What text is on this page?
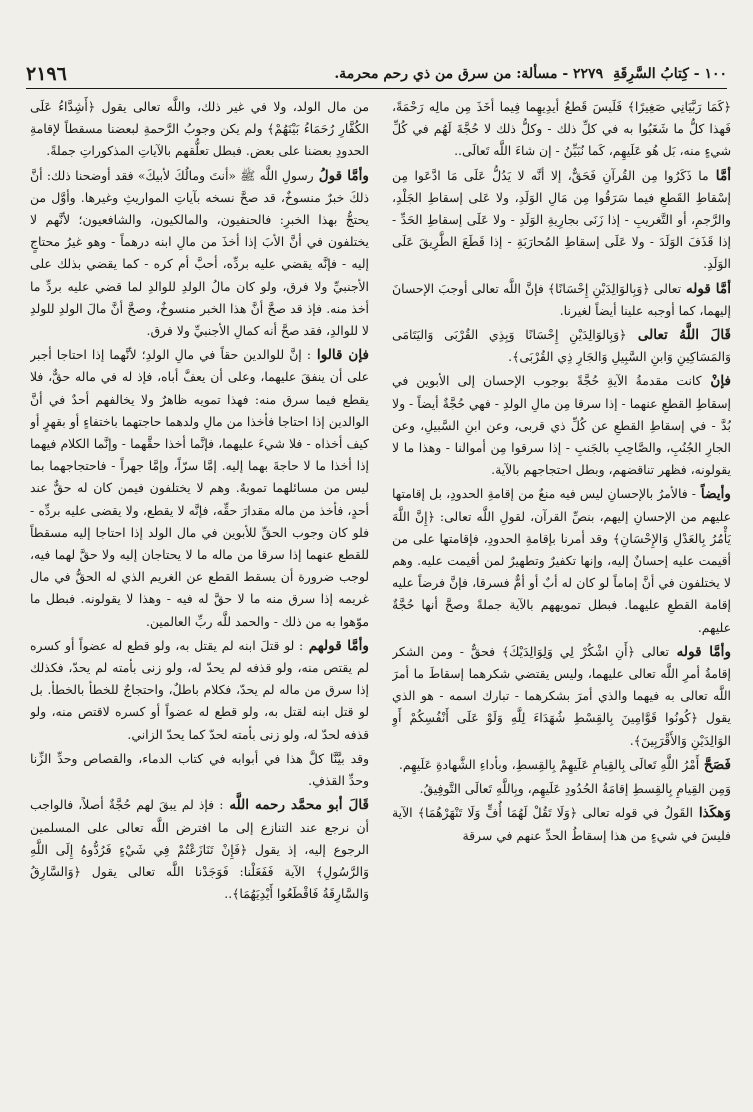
١٠٠ - كِتابُ السَّرِقَةِ
٢٢٧٩ - مسألة: من سرق من ذي رحم محرمة.
٢١٩٦

﴿كَمَا رَبَّيَانِي صَغِيرًا﴾ فَلَيسَ قَطعُ أيدِيهِما فِيما أخَذَ مِن مالِه رَحْمَةً، فَهذا كلُّ ما شَغَبُوا به في كلِّ ذلك - وكلُّ ذلك لا حُجَّةَ لَهُم في كُلِّ شيءٍ منه، بَل هُو عَلَيهِم، كَما نُبَيِّنُ - إن شاءَ اللَّه تَعالَى..

أمَّا ما ذَكَرُوا مِن القُرآنِ فَحَقٌّ، إلا أنَّه لا يَدُلُّ عَلَى مَا ادَّعَوا مِن إسْقاطِ القَطعِ فيما سَرَقُوا مِن مَالِ الوَلَدِ، ولا عَلى إسقاطِ الجَلْدِ، والرَّجمِ، أو التَّغريبِ - إذا زَنَى بجارِيةِ الوَلَدِ - ولا عَلَى إسقاطِ الحَدِّ - إذا قَذَفَ الوَلَدَ - ولا عَلَى إسقاطِ المُحارَبَةِ - إذا قَطَعَ الطَّرِيقَ عَلَى الوَلَدِ.

أمَّا قوله تعالى ﴿وَبِالوَالِدَيْنِ إِحْسَانًا﴾ فإنَّ اللَّه تعالى أوجبَ الإحسانَ إليهما، كما أوجبه علينا أيضاً لغيرنا.

قَالَ اللَّهُ تعالى ﴿وَبِالوَالِدَيْنِ إِحْسَانًا وَبِذِي القُرْبَى وَاليَتَامَى وَالمَسَاكِينِ وَابنِ السَّبِيلِ وَالجَارِ ذِي القُرْبَى﴾.

فإنْ كانت مقدمةُ الآيةِ حُجَّةً بوجوب الإحسان إلى الأبوين في إسقاطِ القطعِ عنهما - إذا سرقا مِن مالِ الولدِ - فهي حُجَّةٌ أيضاً - ولا بُدَّ - في إسقاطِ القطعِ عن كُلِّ ذي قربى، وعن ابنِ السَّبيلِ، وعن الجارِ الجُنُبِ، والصَّاحِبِ بالجَنبِ - إذا سرقوا مِن أموالنا - وهذا ما لا يقولونه، فظهر تناقضهم، وبطل احتجاجهم بالآية.

وأيضاً - فالأمرُ بالإحسانِ ليس فيه منعٌ من إقامةِ الحدودِ، بل إقامتها عليهم من الإحسانِ إليهم، بنصِّ القرآن، لقولِ اللَّه تعالى: ﴿إِنَّ اللَّهَ يَأْمُرُ بِالعَدْلِ وَالإِحْسَانِ﴾ وقد أمرنا بإقامةِ الحدودِ، فإقامتها على من أقيمت عليه إحسانٌ إليه، وإنها تكفيرٌ وتطهيرٌ لمن أقيمت عليه. وهم لا يختلفون في أنَّ إماماً لو كان له أبٌ أو أمٌّ فسرقا، فإنَّ فرضاً عليه إقامة القطعِ عليهما. فبطل تمويههم بالآية جملةً وصحَّ أنها حُجَّةٌ عليهم.

وأمَّا قوله تعالى ﴿أَنِ اشْكُرْ لِي وَلِوَالِدَيْكَ﴾ فحقٌّ - ومن الشكر إقامةُ أمرِ اللَّه تعالى عليهما، وليس يقتضي شكرهما إسقاطَ ما أمرَ اللَّه تعالى به فيهما والذي أمرَ بشكرهما - تبارك اسمه - هو الذي يقول ﴿كُونُوا قَوَّامِينَ بِالقِسْطِ شُهَدَاءَ لِلَّهِ وَلَوْ عَلَى أَنْفُسِكُمْ أَوِ الوَالِدَيْنِ وَالأَقْرَبِينَ﴾.

فَصَحَّ أَمْرُ اللَّهِ تَعالَى بِالقِيامِ عَلَيهِمْ بِالقِسطِ، وبأداءِ الشَّهادةِ عَلَيهِم.

وَمِن القِيامِ بِالقِسطِ إقامَةُ الحُدُودِ عَلَيهِم، وبِاللَّهِ تَعالَى التَّوفِيقُ.

وَهكَذا القَولُ في قوله تعالى ﴿وَلَا تَقُلْ لَهُمَا أُفٍّ وَلَا تَنْهَرْهُمَا﴾ الآية فليسَ في شيءٍ من هذا إسقاطُ الحدِّ عنهم في سرقة

من مال الولد، ولا في غير ذلك، واللَّه تعالى يقول ﴿أَشِدَّاءُ عَلَى الكُفَّارِ رُحَمَاءُ بَيْنَهُمْ﴾ ولم يكن وجوبُ الرَّحمةِ لبعضنا مسقطاً لإقامةِ الحدودِ بعضنا على بعض. فبطل تعلُّقهم بالآياتِ المذكوراتِ جملةً.

وأمَّا قولُ رسولِ اللَّه ﷺ «أنتَ ومالُكَ لأبيكَ» فقد أوضحنا ذلك: أنَّ ذلكَ خبرٌ منسوخٌ، قد صحَّ نسخه بآياتِ المواريثِ وغيرها. وأوَّل من يحتجُّ بهذا الخبرِ: فالحنفيون، والمالكيون، والشافعيون؛ لأنَّهم لا يختلفون في أنَّ الأبَ إذا أخذَ من مالِ ابنه درهماً - وهو غيرُ محتاجٍ إليه - فإنَّه يقضي عليه بردِّه، أحبَّ أم كره - كما يقضي بذلك على الأجنبيِّ ولا فرق، ولو كان مالُ الولدِ للوالدِ لما قضي عليه بردِّ ما أخذ منه. فإذ قد صحَّ أنَّ هذا الخبر منسوخٌ، وصحَّ أنَّ مالَ الولدِ للولدِ لا للوالدِ، فقد صحَّ أنه كمالِ الأجنبيِّ ولا فرق.

فإن قالوا : إنَّ للوالدين حقاً في مالِ الولدِ؛ لأنَّهما إذا احتاجا أجبر على أن ينفقَ عليهما، وعلى أن يعفَّ أباه، فإذ له في ماله حقٌّ، فلا يقطع فيما سرق منه: فهذا تمويه ظاهرٌ ولا يخالفهم أحدٌ في أنَّ الوالدين إذا احتاجا فأخذا من مالِ ولدهما حاجتهما باختفاءٍ أو بقهرٍ أو كيف أخذاه - فلا شيءَ عليهما، فإنَّما أخذا حقَّهما - وإنَّما الكلام فيهما إذا أخذا ما لا حاجةَ بهما إليه. إمَّا سرّاً، وإمَّا جهراً - فاحتجاجهما بما ليس من مسائلهما تمويهٌ. وهم لا يختلفون فيمن كان له حقٌّ عند أحدٍ، فأخذ من ماله مقدارَ حقِّه، فإنَّه لا يقطع، ولا يقضى عليه بردِّه - فلو كان وجوب الحقِّ للأبوين في مال الولد إذا احتاجا إليه مسقطاً للقطع عنهما إذا سرقا من ماله ما لا يحتاجان إليه ولا حقَّ لهما فيه، لوجب ضرورة أن يسقط القطع عن الغريم الذي له الحقُّ في مال غريمه إذا سرق منه ما لا حقَّ له فيه - وهذا لا يقولونه. فبطل ما موّهوا به من ذلك - والحمد للَّه ربِّ العالمين.

وأمَّا قولهم : لو قتلَ ابنه لم يقتل به، ولو قطع له عضواً أو كسره لم يقتص منه، ولو قذفه لم يحدّ له، ولو زنى بأمته لم يحدّ، فكذلك إذا سرق من ماله لم يحدّ، فكلام باطلٌ، واحتجاجٌ للخطأ بالخطأ. بل لو قتل ابنه لقتل به، ولو قطع له عضواً أو كسره لاقتص منه، ولو قذفه لحدّ له، ولو زنى بأمته لحدّ كما يحدّ الزاني.

وقد بيَّنَّا كلَّ هذا في أبوابه في كتاب الدماء، والقصاص وحدِّ الزِّنا وحدِّ القذفِ.

قَالَ أبو محمَّد رحمه اللَّه : فإذ لم يبقَ لهم حُجَّةٌ أصلاً، فالواجب أن نرجع عند التنازع إلى ما افترض اللَّه تعالى على المسلمين الرجوع إليه، إذ يقول ﴿فَإِنْ تَنَازَعْتُمْ فِي شَيْءٍ فَرُدُّوهُ إِلَى اللَّهِ وَالرَّسُولِ﴾ الآية فَفَعَلْنا: فَوَجَدْنا اللَّه تعالى يقول ﴿وَالسَّارِقُ وَالسَّارِقَةُ فَاقْطَعُوا أَيْدِيَهُمَا﴾..
